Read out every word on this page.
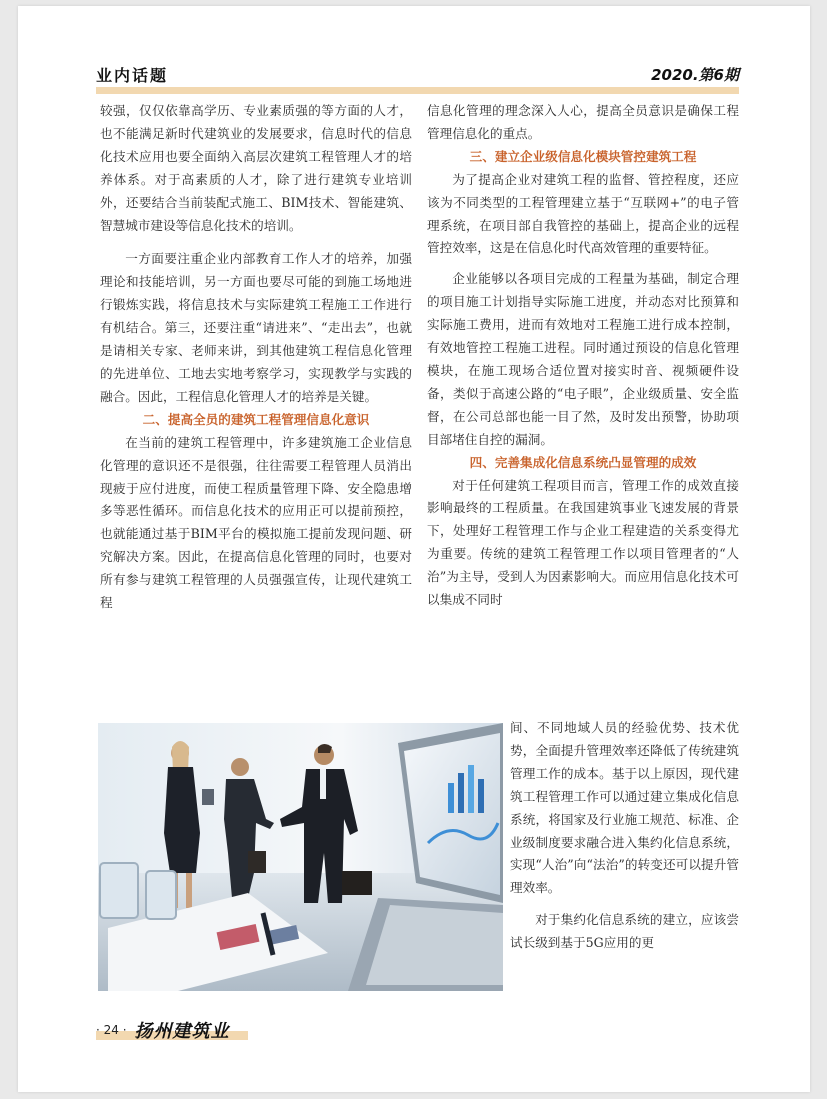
业内话题	2020.第6期

较强，仅仅依靠高学历、专业素质强的等方面的人才，也不能满足新时代建筑业的发展要求，信息时代的信息化技术应用也要全面纳入高层次建筑工程管理人才的培养体系。对于高素质的人才，除了进行建筑专业培训外，还要结合当前装配式施工、BIM技术、智能建筑、智慧城市建设等信息化技术的培训。

一方面要注重企业内部教育工作人才的培养，加强理论和技能培训，另一方面也要尽可能的到施工场地进行锻炼实践，将信息技术与实际建筑工程施工工作进行有机结合。第三，还要注重“请进来”、“走出去”，也就是请相关专家、老师来讲，到其他建筑工程信息化管理的先进单位、工地去实地考察学习，实现教学与实践的融合。因此，工程信息化管理人才的培养是关键。

二、提高全员的建筑工程管理信息化意识

在当前的建筑工程管理中，许多建筑施工企业信息化管理的意识还不是很强，往往需要工程管理人员消出现疲于应付进度，而使工程质量管理下降、安全隐患增多等恶性循环。而信息化技术的应用正可以提前预控，也就能通过基于BIM平台的模拟施工提前发现问题、研究解决方案。因此，在提高信息化管理的同时，也要对所有参与建筑工程管理的人员强强宣传，让现代建筑工程

信息化管理的理念深入人心，提高全员意识是确保工程管理信息化的重点。

三、建立企业级信息化模块管控建筑工程

为了提高企业对建筑工程的监督、管控程度，还应该为不同类型的工程管理建立基于“互联网+”的电子管理系统，在项目部自我管控的基础上，提高企业的远程管控效率，这是在信息化时代高效管理的重要特征。

企业能够以各项目完成的工程量为基础，制定合理的项目施工计划指导实际施工进度，并动态对比预算和实际施工费用，进而有效地对工程施工进行成本控制，有效地管控工程施工进程。同时通过预设的信息化管理模块，在施工现场合适位置对接实时音、视频硬件设备，类似于高速公路的“电子眼”，企业级质量、安全监督，在公司总部也能一目了然，及时发出预警，协助项目部堵住自控的漏洞。

四、完善集成化信息系统凸显管理的成效

对于任何建筑工程项目而言，管理工作的成效直接影响最终的工程质量。在我国建筑事业飞速发展的背景下，处理好工程管理工作与企业工程建造的关系变得尤为重要。传统的建筑工程管理工作以项目管理者的“人治”为主导，受到人为因素影响大。而应用信息化技术可以集成不同时

间、不同地域人员的经验优势、技术优势，全面提升管理效率还降低了传统建筑管理工作的成本。基于以上原因，现代建筑工程管理工作可以通过建立集成化信息系统，将国家及行业施工规范、标准、企业级制度要求融合进入集约化信息系统，实现“人治”向“法治”的转变还可以提升管理效率。

对于集约化信息系统的建立，应该尝试长级到基于5G应用的更

· 24 · 扬州建筑业
